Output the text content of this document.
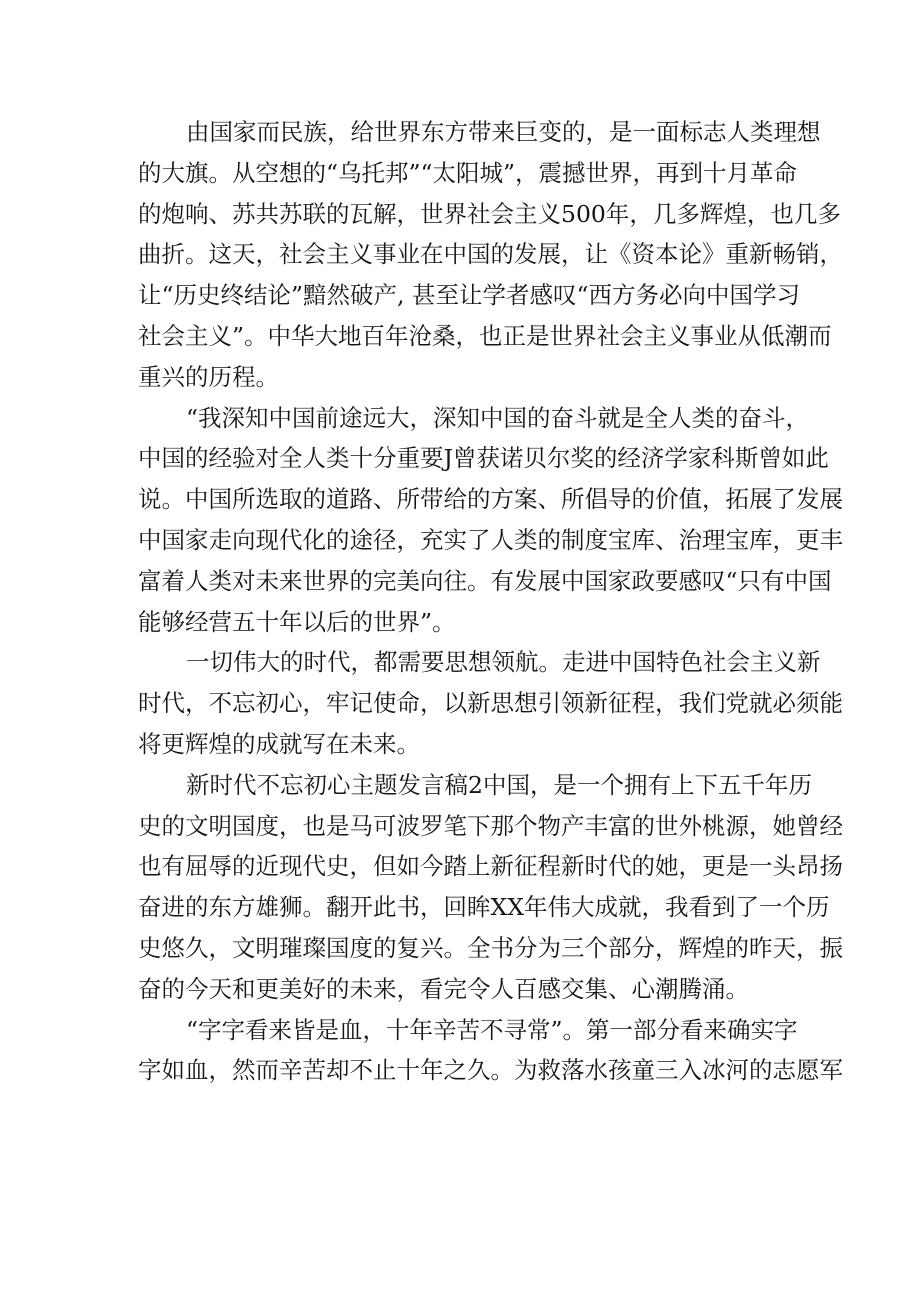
由国家而民族，给世界东方带来巨变的，是一面标志人类理想
的大旗。从空想的“乌托邦”“太阳城”，震撼世界，再到十月革命
的炮响、苏共苏联的瓦解，世界社会主义500年，几多辉煌，也几多
曲折。这天，社会主义事业在中国的发展，让《资本论》重新畅销，
让“历史终结论”黯然破产, 甚至让学者感叹“西方务必向中国学习
社会主义”。中华大地百年沧桑，也正是世界社会主义事业从低潮而
重兴的历程。

“我深知中国前途远大，深知中国的奋斗就是全人类的奋斗，
中国的经验对全人类十分重要J曾获诺贝尔奖的经济学家科斯曾如此
说。中国所选取的道路、所带给的方案、所倡导的价值，拓展了发展
中国家走向现代化的途径，充实了人类的制度宝库、治理宝库，更丰
富着人类对未来世界的完美向往。有发展中国家政要感叹“只有中国
能够经营五十年以后的世界”。

一切伟大的时代，都需要思想领航。走进中国特色社会主义新
时代，不忘初心，牢记使命，以新思想引领新征程，我们党就必须能
将更辉煌的成就写在未来。

新时代不忘初心主题发言稿2中国，是一个拥有上下五千年历
史的文明国度，也是马可波罗笔下那个物产丰富的世外桃源，她曾经
也有屈辱的近现代史，但如今踏上新征程新时代的她，更是一头昂扬
奋进的东方雄狮。翻开此书，回眸XX年伟大成就，我看到了一个历
史悠久，文明璀璨国度的复兴。全书分为三个部分，辉煌的昨天，振
奋的今天和更美好的未来，看完令人百感交集、心潮腾涌。

“字字看来皆是血，十年辛苦不寻常”。第一部分看来确实字
字如血，然而辛苦却不止十年之久。为救落水孩童三入冰河的志愿军
